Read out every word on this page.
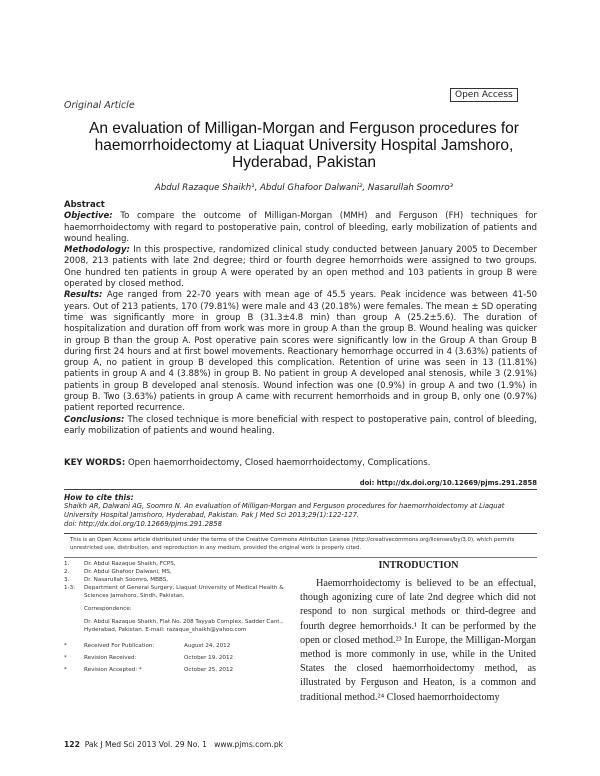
Open Access
Original Article
An evaluation of Milligan-Morgan and Ferguson procedures for haemorrhoidectomy at Liaquat University Hospital Jamshoro, Hyderabad, Pakistan
Abdul Razaque Shaikh¹, Abdul Ghafoor Dalwani², Nasarullah Soomro³

Abstract

Objective: To compare the outcome of Milligan-Morgan (MMH) and Ferguson (FH) techniques for haemorrhoidectomy with regard to postoperative pain, control of bleeding, early mobilization of patients and wound healing.

Methodology: In this prospective, randomized clinical study conducted between January 2005 to December 2008, 213 patients with late 2nd degree; third or fourth degree hemorrhoids were assigned to two groups. One hundred ten patients in group A were operated by an open method and 103 patients in group B were operated by closed method.

Results: Age ranged from 22-70 years with mean age of 45.5 years. Peak incidence was between 41-50 years. Out of 213 patients, 170 (79.81%) were male and 43 (20.18%) were females. The mean ± SD operating time was significantly more in group B (31.3±4.8 min) than group A (25.2±5.6). The duration of hospitalization and duration off from work was more in group A than the group B. Wound healing was quicker in group B than the group A. Post operative pain scores were significantly low in the Group A than Group B during first 24 hours and at first bowel movements. Reactionary hemorrhage occurred in 4 (3.63%) patients of group A, no patient in group B developed this complication. Retention of urine was seen in 13 (11.81%) patients in group A and 4 (3.88%) in group B. No patient in group A developed anal stenosis, while 3 (2.91%) patients in group B developed anal stenosis. Wound infection was one (0.9%) in group A and two (1.9%) in group B. Two (3.63%) patients in group A came with recurrent hemorrhoids and in group B, only one (0.97%) patient reported recurrence.

Conclusions: The closed technique is more beneficial with respect to postoperative pain, control of bleeding, early mobilization of patients and wound healing.

KEY WORDS: Open haemorrhoidectomy, Closed haemorrhoidectomy, Complications.
doi: http://dx.doi.org/10.12669/pjms.291.2858
How to cite this:
Shaikh AR, Dalwani AG, Soomro N. An evaluation of Milligan-Morgan and Ferguson procedures for haemorrhoidectomy at Liaquat University Hospital Jamshoro, Hyderabad, Pakistan. Pak J Med Sci 2013;29(1):122-127.
doi: http://dx.doi.org/10.12669/pjms.291.2858
This is an Open Access article distributed under the terms of the Creative Commons Attribution License (http://creativecommons.org/licenses/by/3.0), which permits unrestricted use, distribution, and reproduction in any medium, provided the original work is properly cited.
1.	Dr. Abdul Razaque Shaikh, FCPS,
2.	Dr. Abdul Ghafoor Dalwani, MS,
3.	Dr. Nasarullah Soomro, MBBS,
1-3:	Department of General Surgery, Liaquat University of Medical Health & Sciences Jamshoro, Sindh, Pakistan.
Correspondence:
Dr. Abdul Razaque Shaikh, Flat No. 208 Tayyab Complex, Sadder Cant., Hyderabad, Pakistan. E-mail: razaque_shaikh@yahoo.com
*	Received For Publication:	August 24, 2012
*	Revision Received:	October 19, 2012
*	Revision Accepted: *	October 25, 2012
INTRODUCTION

Haemorrhoidectomy is believed to be an effectual, though agonizing cure of late 2nd degree which did not respond to non surgical methods or third-degree and fourth degree hemorrhoids.¹ It can be performed by the open or closed method.²³ In Europe, the Milligan-Morgan method is more commonly in use, while in the United States the closed haemorrhoidectomy method, as illustrated by Ferguson and Heaton, is a common and traditional method.²⁴ Closed haemorrhoidectomy

122 Pak J Med Sci 2013 Vol. 29 No. 1 www.pjms.com.pk
